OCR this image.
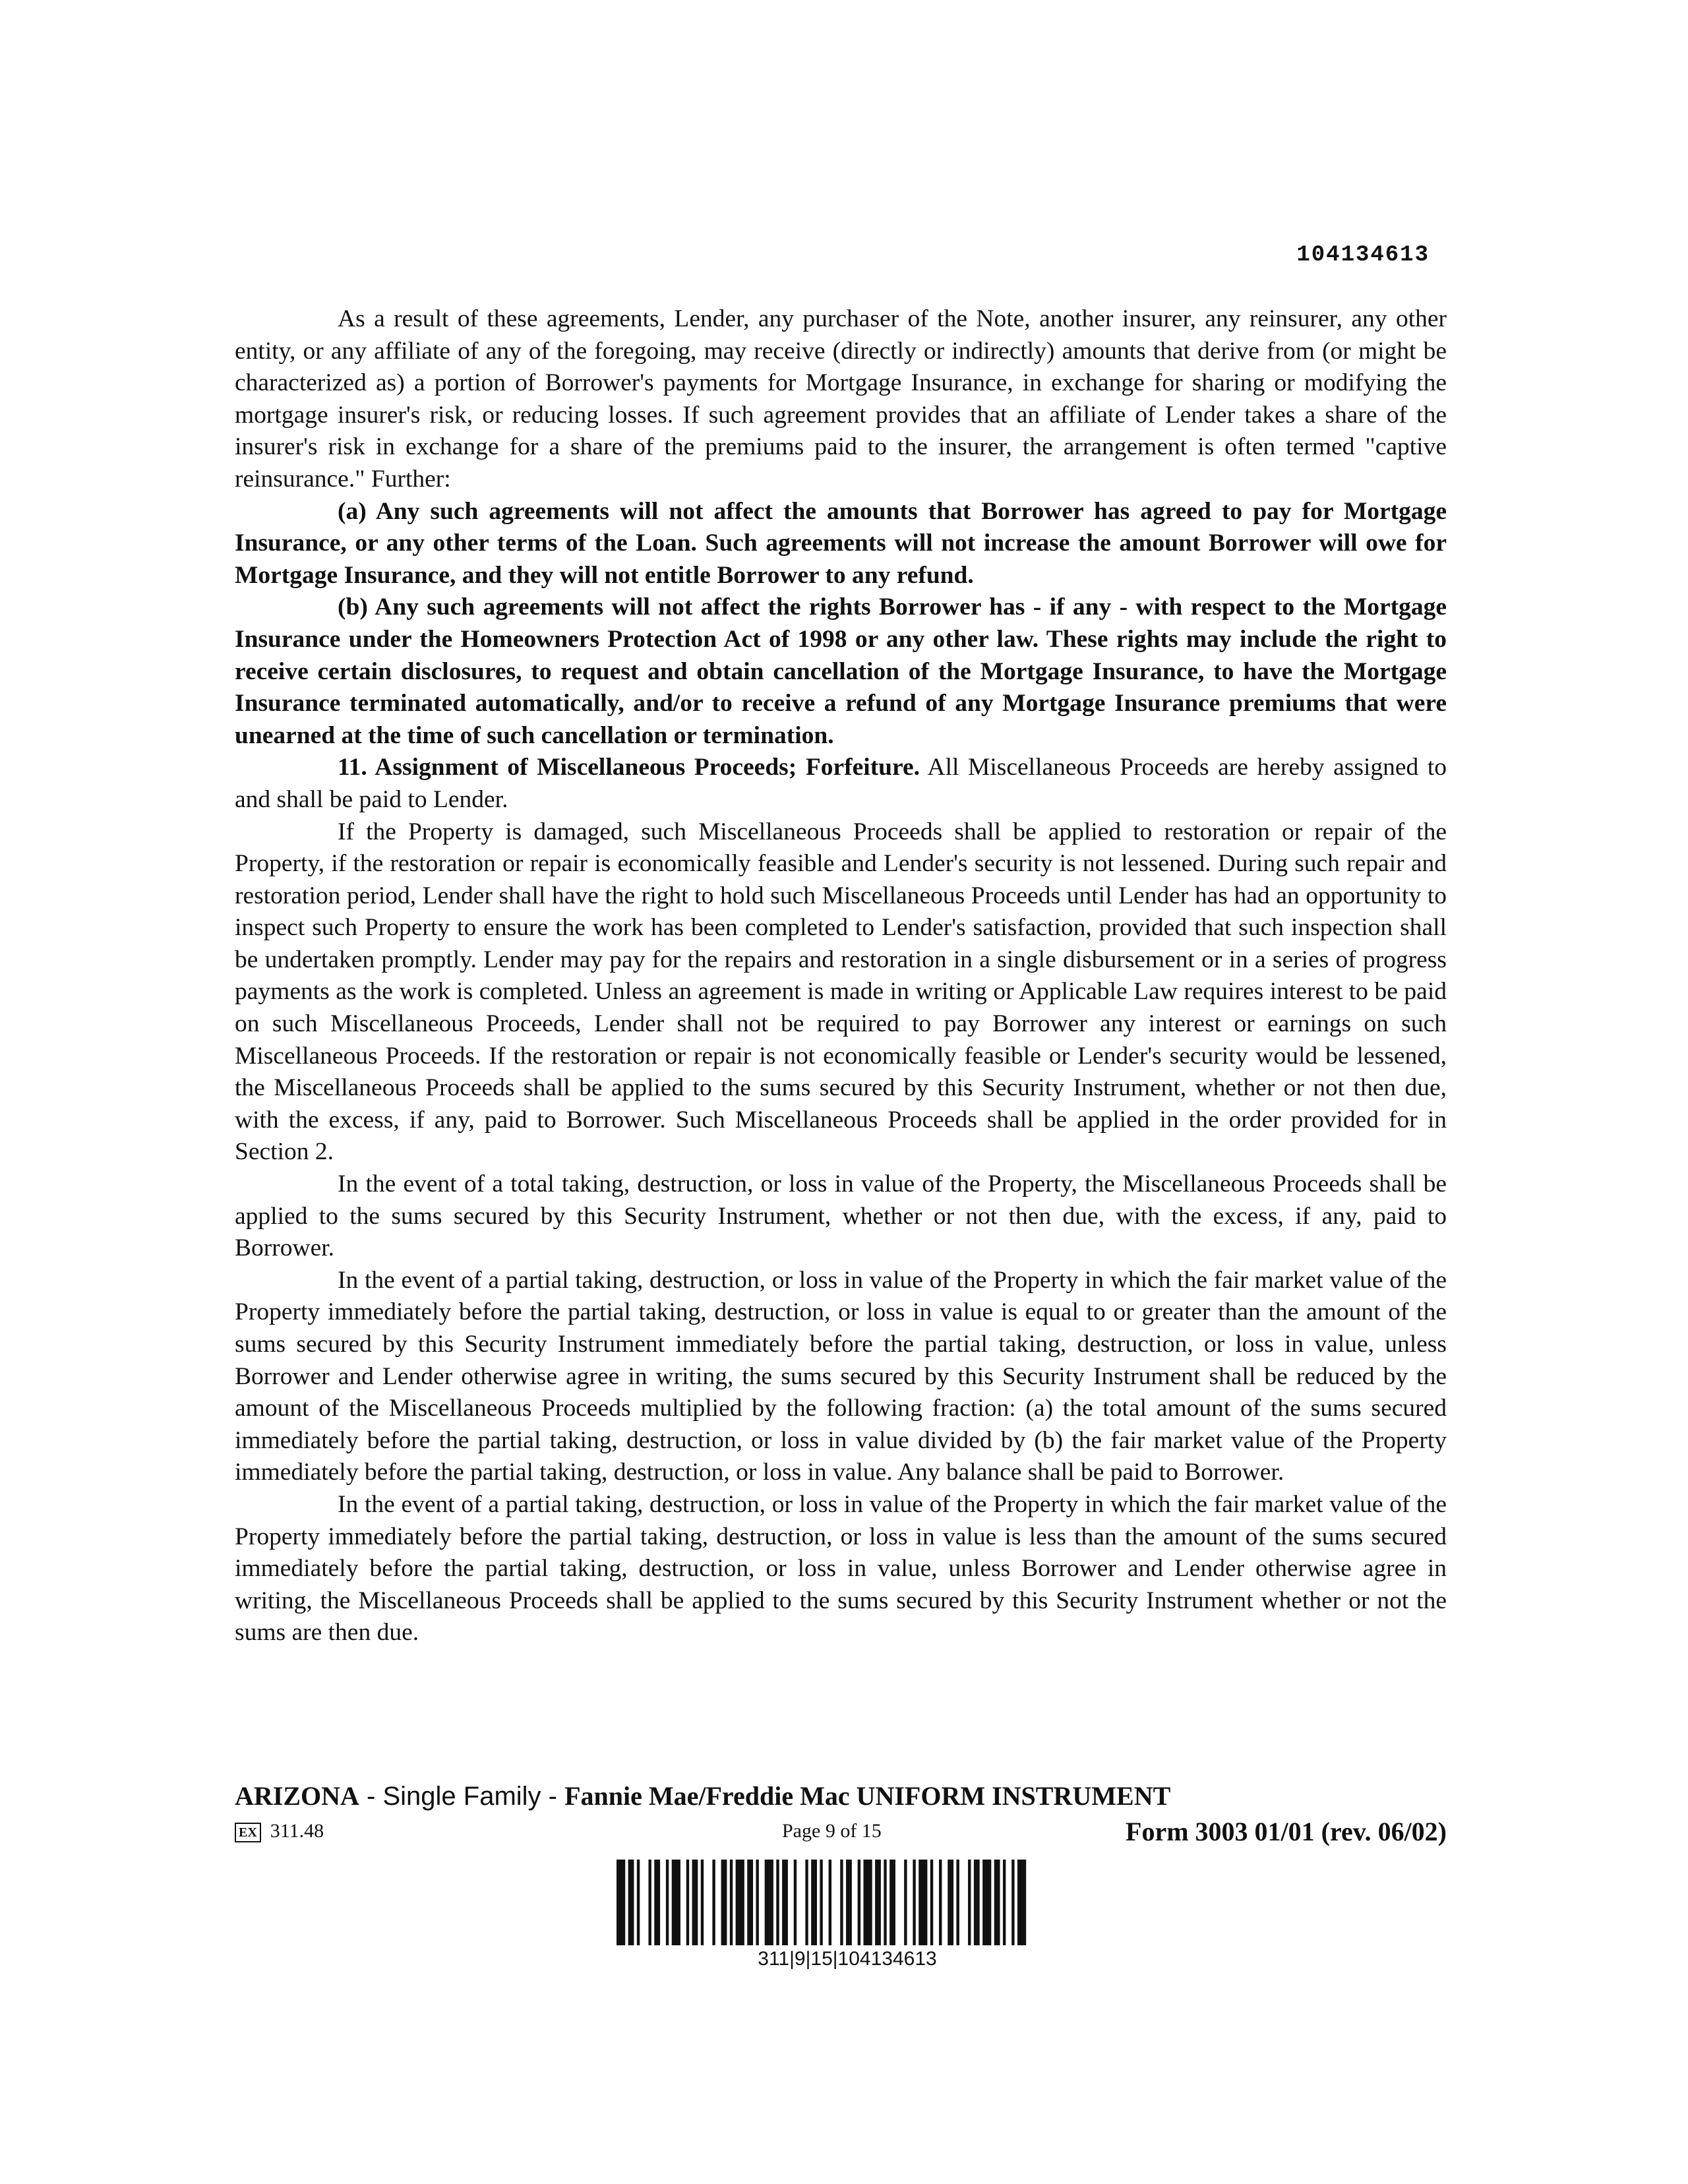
104134613

As a result of these agreements, Lender, any purchaser of the Note, another insurer, any reinsurer, any other entity, or any affiliate of any of the foregoing, may receive (directly or indirectly) amounts that derive from (or might be characterized as) a portion of Borrower's payments for Mortgage Insurance, in exchange for sharing or modifying the mortgage insurer's risk, or reducing losses. If such agreement provides that an affiliate of Lender takes a share of the insurer's risk in exchange for a share of the premiums paid to the insurer, the arrangement is often termed "captive reinsurance." Further:

(a) Any such agreements will not affect the amounts that Borrower has agreed to pay for Mortgage Insurance, or any other terms of the Loan. Such agreements will not increase the amount Borrower will owe for Mortgage Insurance, and they will not entitle Borrower to any refund.

(b) Any such agreements will not affect the rights Borrower has - if any - with respect to the Mortgage Insurance under the Homeowners Protection Act of 1998 or any other law. These rights may include the right to receive certain disclosures, to request and obtain cancellation of the Mortgage Insurance, to have the Mortgage Insurance terminated automatically, and/or to receive a refund of any Mortgage Insurance premiums that were unearned at the time of such cancellation or termination.

11. Assignment of Miscellaneous Proceeds; Forfeiture. All Miscellaneous Proceeds are hereby assigned to and shall be paid to Lender.

If the Property is damaged, such Miscellaneous Proceeds shall be applied to restoration or repair of the Property, if the restoration or repair is economically feasible and Lender's security is not lessened. During such repair and restoration period, Lender shall have the right to hold such Miscellaneous Proceeds until Lender has had an opportunity to inspect such Property to ensure the work has been completed to Lender's satisfaction, provided that such inspection shall be undertaken promptly. Lender may pay for the repairs and restoration in a single disbursement or in a series of progress payments as the work is completed. Unless an agreement is made in writing or Applicable Law requires interest to be paid on such Miscellaneous Proceeds, Lender shall not be required to pay Borrower any interest or earnings on such Miscellaneous Proceeds. If the restoration or repair is not economically feasible or Lender's security would be lessened, the Miscellaneous Proceeds shall be applied to the sums secured by this Security Instrument, whether or not then due, with the excess, if any, paid to Borrower. Such Miscellaneous Proceeds shall be applied in the order provided for in Section 2.

In the event of a total taking, destruction, or loss in value of the Property, the Miscellaneous Proceeds shall be applied to the sums secured by this Security Instrument, whether or not then due, with the excess, if any, paid to Borrower.

In the event of a partial taking, destruction, or loss in value of the Property in which the fair market value of the Property immediately before the partial taking, destruction, or loss in value is equal to or greater than the amount of the sums secured by this Security Instrument immediately before the partial taking, destruction, or loss in value, unless Borrower and Lender otherwise agree in writing, the sums secured by this Security Instrument shall be reduced by the amount of the Miscellaneous Proceeds multiplied by the following fraction: (a) the total amount of the sums secured immediately before the partial taking, destruction, or loss in value divided by (b) the fair market value of the Property immediately before the partial taking, destruction, or loss in value. Any balance shall be paid to Borrower.

In the event of a partial taking, destruction, or loss in value of the Property in which the fair market value of the Property immediately before the partial taking, destruction, or loss in value is less than the amount of the sums secured immediately before the partial taking, destruction, or loss in value, unless Borrower and Lender otherwise agree in writing, the Miscellaneous Proceeds shall be applied to the sums secured by this Security Instrument whether or not the sums are then due.

ARIZONA - Single Family - Fannie Mae/Freddie Mac UNIFORM INSTRUMENT
EX 311.48	Page 9 of 15	Form 3003 01/01 (rev. 06/02)
311|9|15|104134613
